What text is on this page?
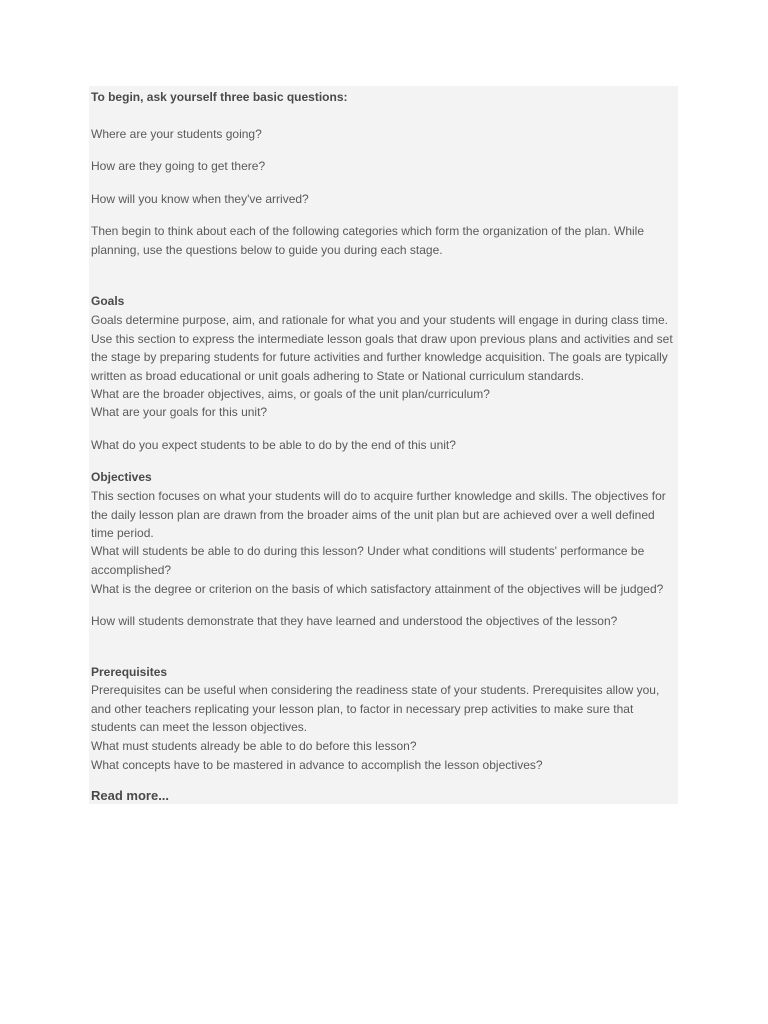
To begin, ask yourself three basic questions:

Where are your students going?

How are they going to get there?

How will you know when they've arrived?

Then begin to think about each of the following categories which form the organization of the plan. While planning, use the questions below to guide you during each stage.

Goals

Goals determine purpose, aim, and rationale for what you and your students will engage in during class time. Use this section to express the intermediate lesson goals that draw upon previous plans and activities and set the stage by preparing students for future activities and further knowledge acquisition. The goals are typically written as broad educational or unit goals adhering to State or National curriculum standards.

What are the broader objectives, aims, or goals of the unit plan/curriculum?

What are your goals for this unit?

What do you expect students to be able to do by the end of this unit?

Objectives

This section focuses on what your students will do to acquire further knowledge and skills. The objectives for the daily lesson plan are drawn from the broader aims of the unit plan but are achieved over a well defined time period.

What will students be able to do during this lesson? Under what conditions will students' performance be accomplished?

What is the degree or criterion on the basis of which satisfactory attainment of the objectives will be judged?

How will students demonstrate that they have learned and understood the objectives of the lesson?

Prerequisites

Prerequisites can be useful when considering the readiness state of your students. Prerequisites allow you, and other teachers replicating your lesson plan, to factor in necessary prep activities to make sure that students can meet the lesson objectives.

What must students already be able to do before this lesson?

What concepts have to be mastered in advance to accomplish the lesson objectives?

Read more...
